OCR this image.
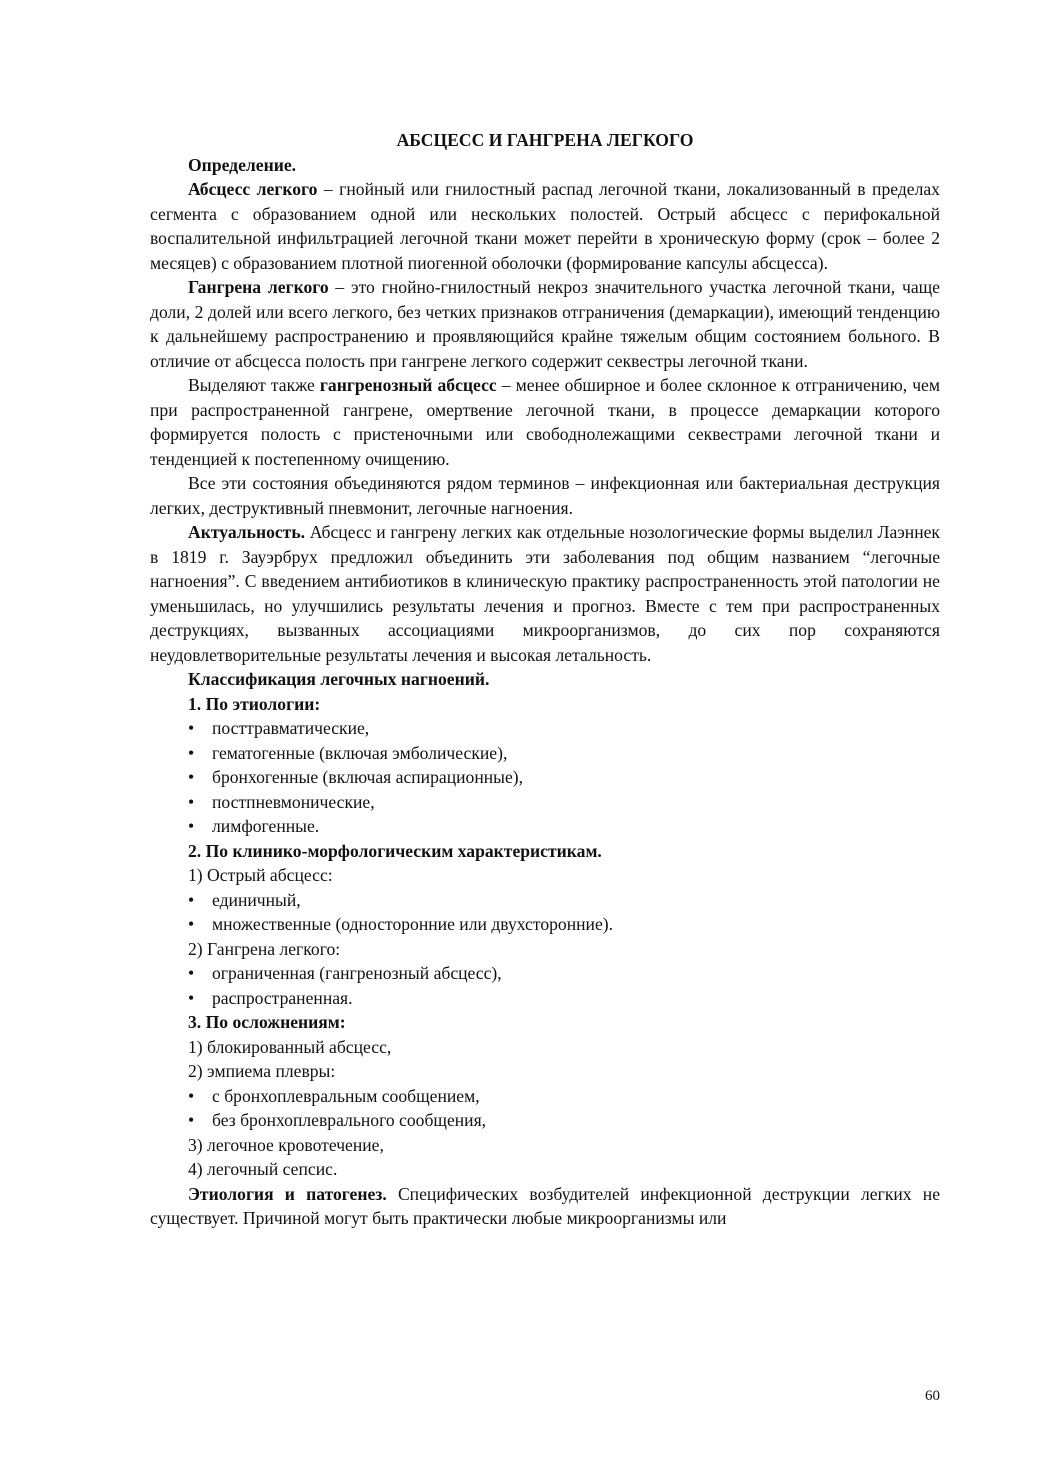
АБСЦЕСС И ГАНГРЕНА ЛЕГКОГО

Определение.

Абсцесс легкого – гнойный или гнилостный распад легочной ткани, локализованный в пределах сегмента с образованием одной или нескольких полостей. Острый абсцесс с перифокальной воспалительной инфильтрацией легочной ткани может перейти в хроническую форму (срок – более 2 месяцев) с образованием плотной пиогенной оболочки (формирование капсулы абсцесса).

Гангрена легкого – это гнойно-гнилостный некроз значительного участка легочной ткани, чаще доли, 2 долей или всего легкого, без четких признаков отграничения (демаркации), имеющий тенденцию к дальнейшему распространению и проявляющийся крайне тяжелым общим состоянием больного. В отличие от абсцесса полость при гангрене легкого содержит секвестры легочной ткани.

Выделяют также гангренозный абсцесс – менее обширное и более склонное к отграничению, чем при распространенной гангрене, омертвение легочной ткани, в процессе демаркации которого формируется полость с пристеночными или свободнолежащими секвестрами легочной ткани и тенденцией к постепенному очищению.

Все эти состояния объединяются рядом терминов – инфекционная или бактериальная деструкция легких, деструктивный пневмонит, легочные нагноения.

Актуальность. Абсцесс и гангрену легких как отдельные нозологические формы выделил Лаэннек в 1819 г. Зауэрбрух предложил объединить эти заболевания под общим названием “легочные нагноения”. С введением антибиотиков в клиническую практику распространенность этой патологии не уменьшилась, но улучшились результаты лечения и прогноз. Вместе с тем при распространенных деструкциях, вызванных ассоциациями микроорганизмов, до сих пор сохраняются неудовлетворительные результаты лечения и высокая летальность.

Классификация легочных нагноений.

1. По этиологии:

•	посттравматические,

•	гематогенные (включая эмболические),

•	бронхогенные (включая аспирационные),

•	постпневмонические,

•	лимфогенные.

2. По клинико-морфологическим характеристикам.

1) Острый абсцесс:

•	единичный,

•	множественные (односторонние или двухсторонние).

2) Гангрена легкого:

•	ограниченная (гангренозный абсцесс),

•	распространенная.

3. По осложнениям:

1) блокированный абсцесс,

2) эмпиема плевры:

•	с бронхоплевральным сообщением,

•	без бронхоплеврального сообщения,

3) легочное кровотечение,

4) легочный сепсис.

Этиология и патогенез. Специфических возбудителей инфекционной деструкции легких не существует. Причиной могут быть практически любые микроорганизмы или

60
